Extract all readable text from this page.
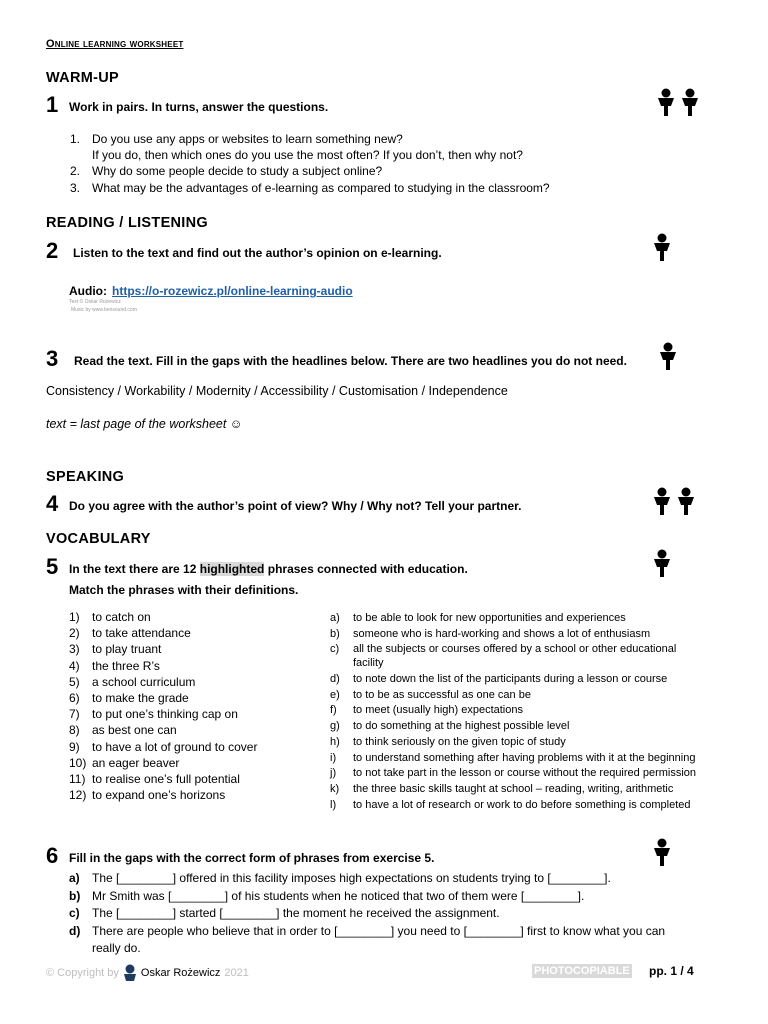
Online learning worksheet
WARM-UP
1 Work in pairs. In turns, answer the questions.
1. Do you use any apps or websites to learn something new?
If you do, then which ones do you use the most often? If you don’t, then why not?
2. Why do some people decide to study a subject online?
3. What may be the advantages of e-learning as compared to studying in the classroom?
READING / LISTENING
2 Listen to the text and find out the author’s opinion on e-learning.
Audio: https://o-rozewicz.pl/online-learning-audio
Text © Oskar Rożewicz
Music by www.bensound.com
3 Read the text. Fill in the gaps with the headlines below. There are two headlines you do not need.
Consistency / Workability / Modernity / Accessibility / Customisation / Independence
text = last page of the worksheet ☺
SPEAKING
4 Do you agree with the author’s point of view? Why / Why not? Tell your partner.
VOCABULARY
5 In the text there are 12 highlighted phrases connected with education.
Match the phrases with their definitions.
1)	to catch on
2)	to take attendance
3)	to play truant
4)	the three R’s
5)	a school curriculum
6)	to make the grade
7)	to put one’s thinking cap on
8)	as best one can
9)	to have a lot of ground to cover
10) an eager beaver
11) to realise one’s full potential
12) to expand one’s horizons
a)	to be able to look for new opportunities and experiences
b)	someone who is hard-working and shows a lot of enthusiasm
c)	all the subjects or courses offered by a school or other educational
facility
d)	to note down the list of the participants during a lesson or course
e)	to to be as successful as one can be
f)	to meet (usually high) expectations
g)	to do something at the highest possible level
h)	to think seriously on the given topic of study
i)	to understand something after having problems with it at the beginning
j)	to not take part in the lesson or course without the required permission
k)	the three basic skills taught at school – reading, writing, arithmetic
l)	to have a lot of research or work to do before something is completed
6 Fill in the gaps with the correct form of phrases from exercise 5.
a)	The [________] offered in this facility imposes high expectations on students trying to [________].
b) Mr Smith was [________] of his students when he noticed that two of them were [________].
c)	The [________] started [________] the moment he received the assignment.
d) There are people who believe that in order to [________] you need to [________] first to know what you can
really do.
© Copyright by Oskar Rożewicz 2021	PHOTOCOPIABLE pp. 1 / 4
